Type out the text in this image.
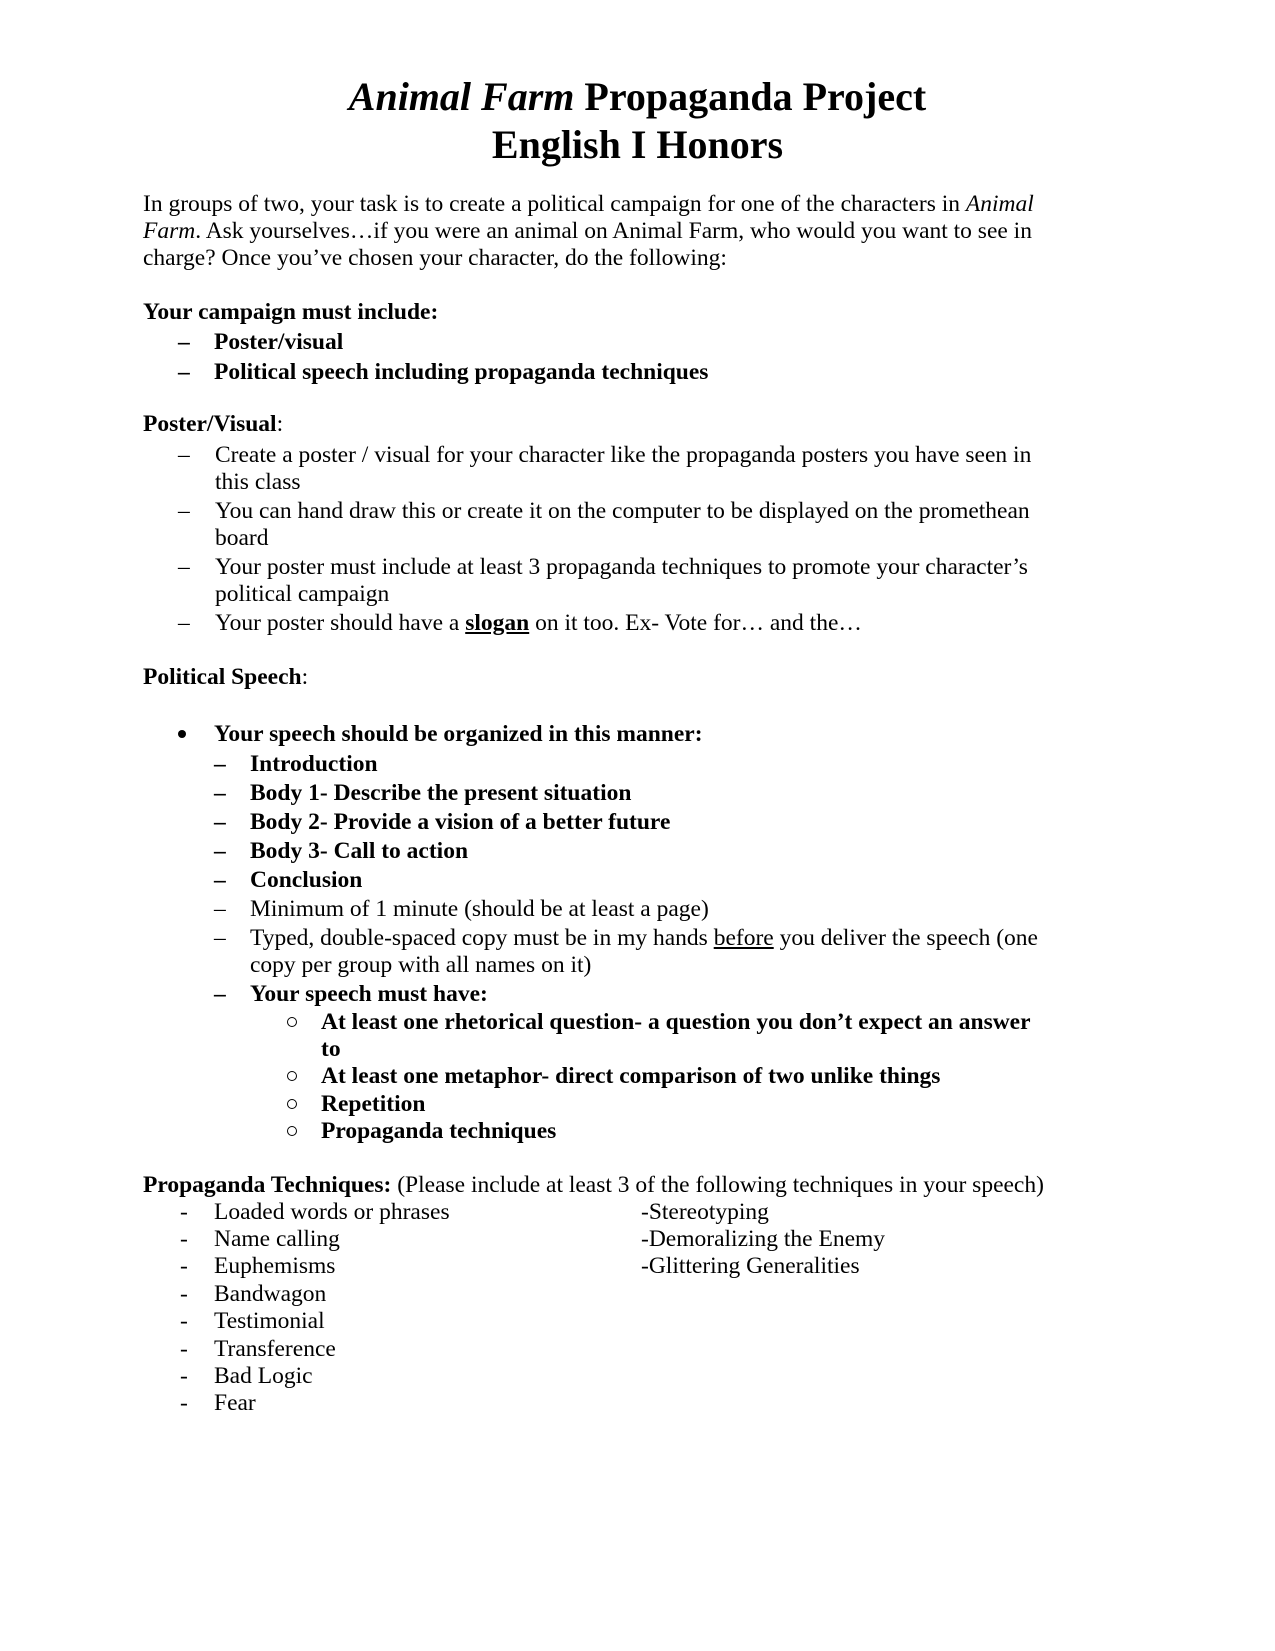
Animal Farm Propaganda Project
English I Honors
In groups of two, your task is to create a political campaign for one of the characters in Animal
Farm. Ask yourselves…if you were an animal on Animal Farm, who would you want to see in
charge? Once you’ve chosen your character, do the following:
Your campaign must include:
– Poster/visual
– Political speech including propaganda techniques
Poster/Visual:
– Create a poster / visual for your character like the propaganda posters you have seen in
this class
– You can hand draw this or create it on the computer to be displayed on the promethean
board
– Your poster must include at least 3 propaganda techniques to promote your character’s
political campaign
– Your poster should have a slogan on it too. Ex- Vote for… and the…
Political Speech:
Your speech should be organized in this manner:
– Introduction
– Body 1- Describe the present situation
– Body 2- Provide a vision of a better future
– Body 3- Call to action
– Conclusion
– Minimum of 1 minute (should be at least a page)
– Typed, double-spaced copy must be in my hands before you deliver the speech (one
copy per group with all names on it)
– Your speech must have:
At least one rhetorical question- a question you don’t expect an answer
to
At least one metaphor- direct comparison of two unlike things
Repetition
Propaganda techniques
Propaganda Techniques: (Please include at least 3 of the following techniques in your speech)
- Loaded words or phrases
- Name calling
- Euphemisms
- Bandwagon
- Testimonial
- Transference
- Bad Logic
- Fear
-Stereotyping
-Demoralizing the Enemy
-Glittering Generalities
